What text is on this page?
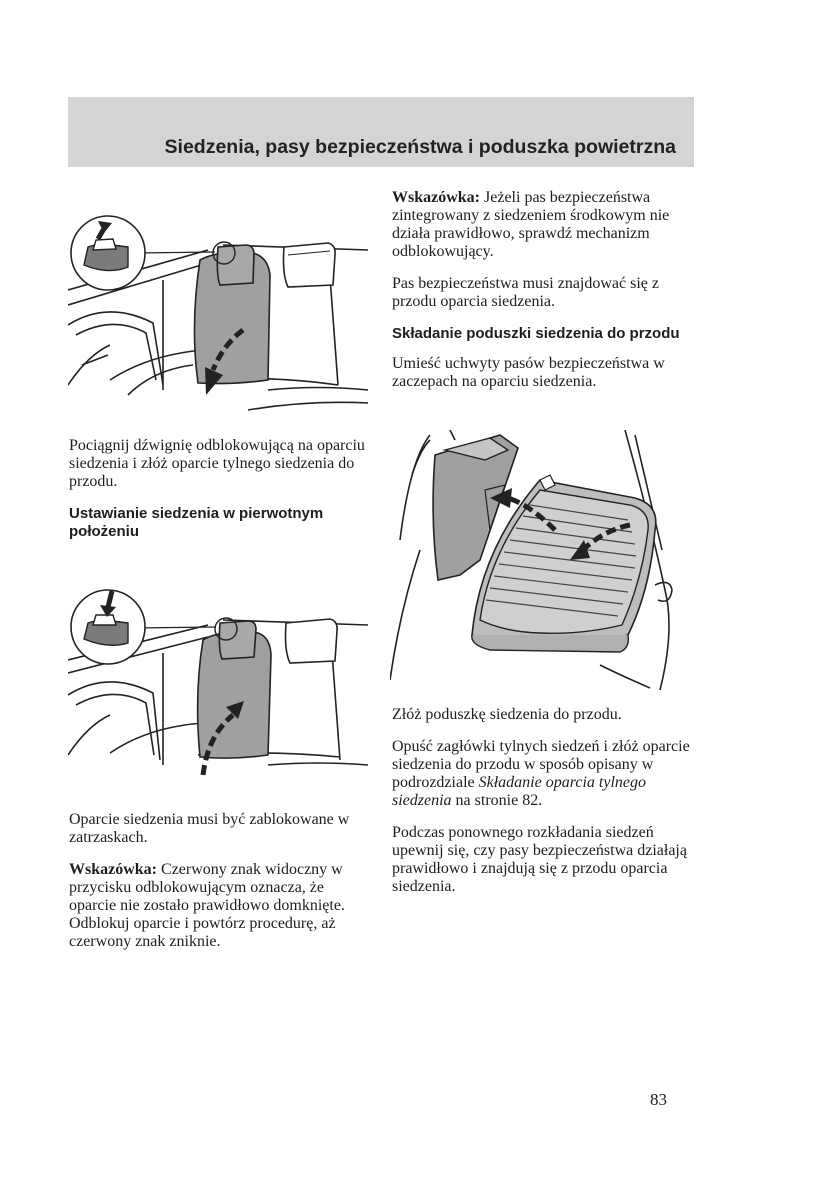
Siedzenia, pasy bezpieczeństwa i poduszka powietrzna

Pociągnij dźwignię odblokowującą na oparciu siedzenia i złóż oparcie tylnego siedzenia do przodu.

Ustawianie siedzenia w pierwotnym położeniu

Oparcie siedzenia musi być zablokowane w zatrzaskach.

Wskazówka: Czerwony znak widoczny w przycisku odblokowującym oznacza, że oparcie nie zostało prawidłowo domknięte. Odblokuj oparcie i powtórz procedurę, aż czerwony znak zniknie.

Wskazówka: Jeżeli pas bezpieczeństwa zintegrowany z siedzeniem środkowym nie działa prawidłowo, sprawdź mechanizm odblokowujący.

Pas bezpieczeństwa musi znajdować się z przodu oparcia siedzenia.

Składanie poduszki siedzenia do przodu

Umieść uchwyty pasów bezpieczeństwa w zaczepach na oparciu siedzenia.

Złóż poduszkę siedzenia do przodu.

Opuść zagłówki tylnych siedzeń i złóż oparcie siedzenia do przodu w sposób opisany w podrozdziale Składanie oparcia tylnego siedzenia na stronie 82.

Podczas ponownego rozkładania siedzeń upewnij się, czy pasy bezpieczeństwa działają prawidłowo i znajdują się z przodu oparcia siedzenia.

83
